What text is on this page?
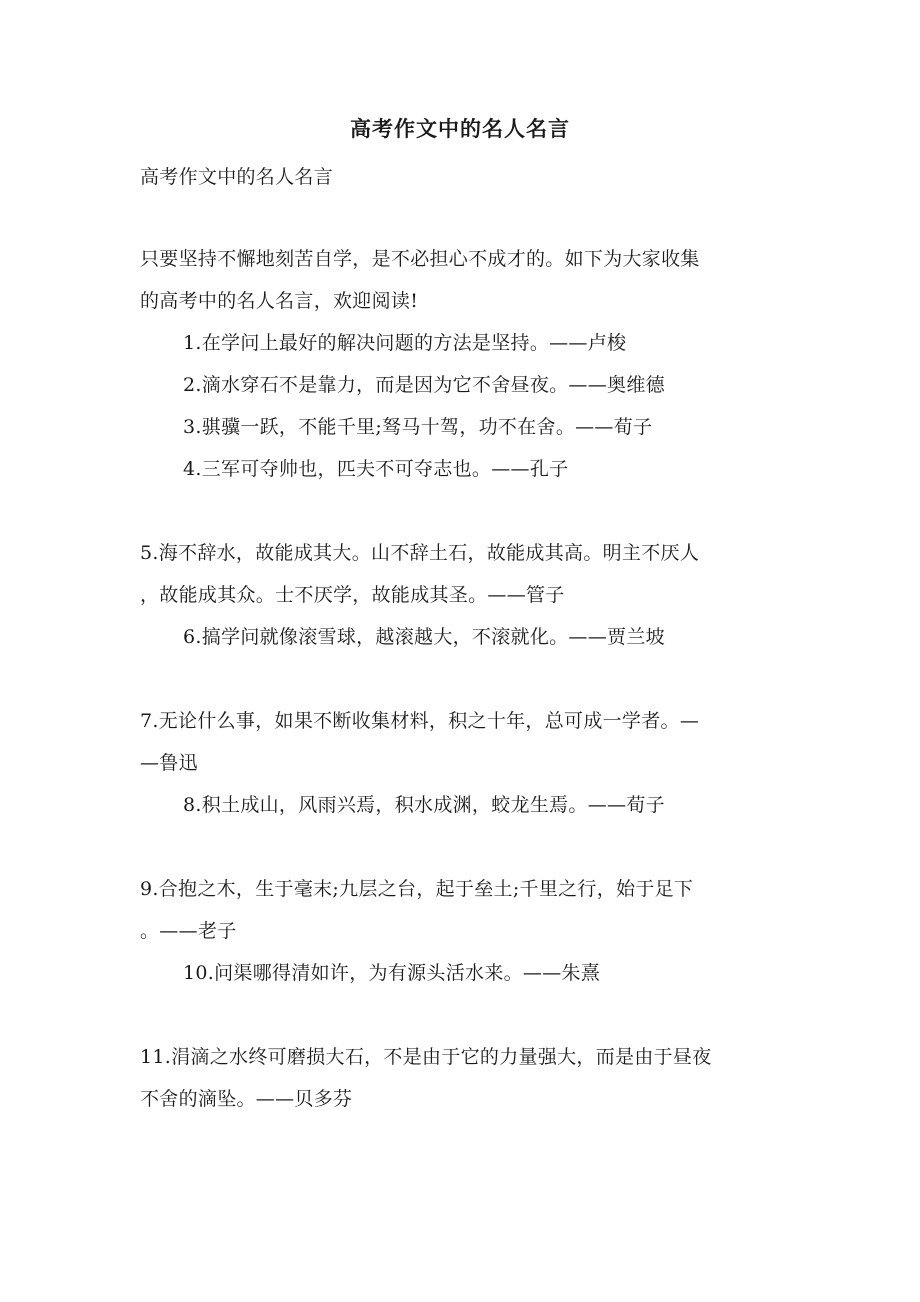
高考作文中的名人名言
高考作文中的名人名言
只要坚持不懈地刻苦自学，是不必担心不成才的。如下为大家收集
的高考中的名人名言，欢迎阅读!
1.在学问上最好的解决问题的方法是坚持。——卢梭
2.滴水穿石不是靠力，而是因为它不舍昼夜。——奥维德
3.骐骥一跃，不能千里;驽马十驾，功不在舍。——荀子
4.三军可夺帅也，匹夫不可夺志也。——孔子
5.海不辞水，故能成其大。山不辞土石，故能成其高。明主不厌人
，故能成其众。士不厌学，故能成其圣。——管子
6.搞学问就像滚雪球，越滚越大，不滚就化。——贾兰坡
7.无论什么事，如果不断收集材料，积之十年，总可成一学者。—
—鲁迅
8.积土成山，风雨兴焉，积水成渊，蛟龙生焉。——荀子
9.合抱之木，生于毫末;九层之台，起于垒土;千里之行，始于足下
。——老子
10.问渠哪得清如许，为有源头活水来。——朱熹
11.涓滴之水终可磨损大石，不是由于它的力量强大，而是由于昼夜
不舍的滴坠。——贝多芬
